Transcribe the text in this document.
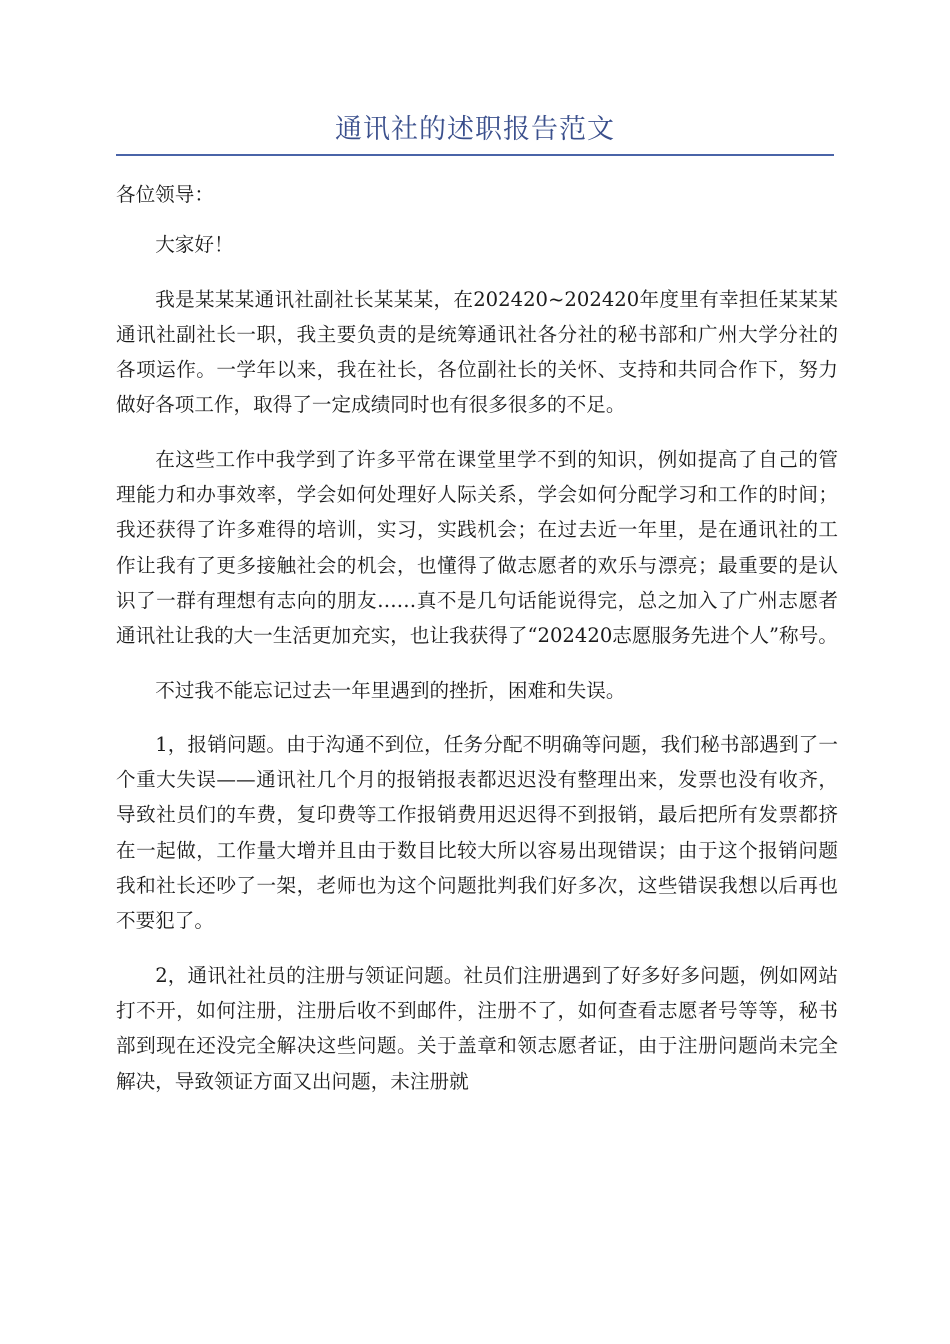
通讯社的述职报告范文

各位领导：

大家好！

我是某某某通讯社副社长某某某，在202420~202420年度里有幸担任某某某通讯社副社长一职，我主要负责的是统筹通讯社各分社的秘书部和广州大学分社的各项运作。一学年以来，我在社长，各位副社长的关怀、支持和共同合作下，努力做好各项工作，取得了一定成绩同时也有很多很多的不足。

在这些工作中我学到了许多平常在课堂里学不到的知识，例如提高了自己的管理能力和办事效率，学会如何处理好人际关系，学会如何分配学习和工作的时间；我还获得了许多难得的培训，实习，实践机会；在过去近一年里，是在通讯社的工作让我有了更多接触社会的机会，也懂得了做志愿者的欢乐与漂亮；最重要的是认识了一群有理想有志向的朋友……真不是几句话能说得完，总之加入了广州志愿者通讯社让我的大一生活更加充实，也让我获得了“202420志愿服务先进个人”称号。

不过我不能忘记过去一年里遇到的挫折，困难和失误。

1，报销问题。由于沟通不到位，任务分配不明确等问题，我们秘书部遇到了一个重大失误——通讯社几个月的报销报表都迟迟没有整理出来，发票也没有收齐，导致社员们的车费，复印费等工作报销费用迟迟得不到报销，最后把所有发票都挤在一起做，工作量大增并且由于数目比较大所以容易出现错误；由于这个报销问题我和社长还吵了一架，老师也为这个问题批判我们好多次，这些错误我想以后再也不要犯了。

2，通讯社社员的注册与领证问题。社员们注册遇到了好多好多问题，例如网站打不开，如何注册，注册后收不到邮件，注册不了，如何查看志愿者号等等，秘书部到现在还没完全解决这些问题。关于盖章和领志愿者证，由于注册问题尚未完全解决，导致领证方面又出问题，未注册就
